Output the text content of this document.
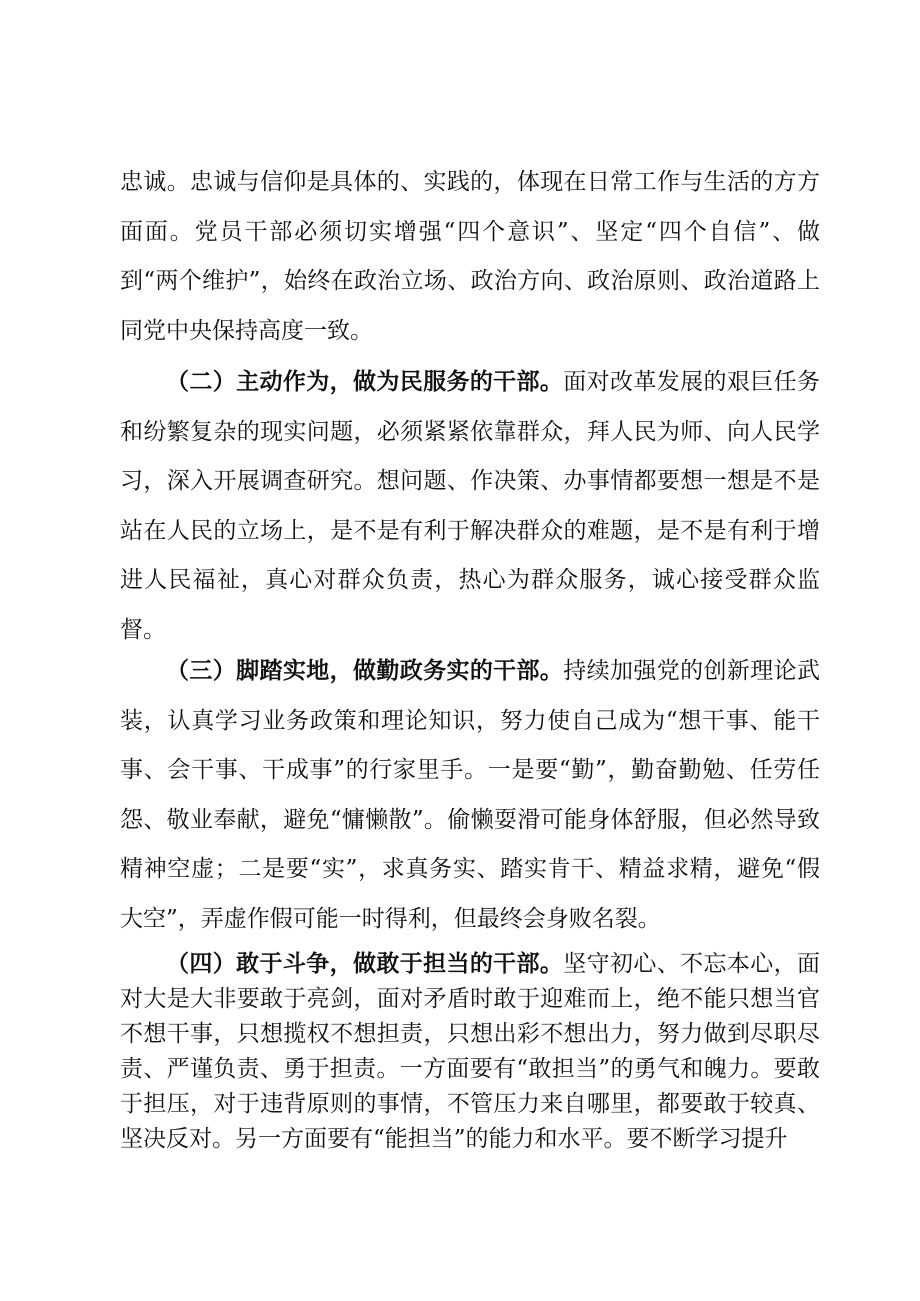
忠诚。忠诚与信仰是具体的、实践的，体现在日常工作与生活的方方面面。党员干部必须切实增强“四个意识”、坚定“四个自信”、做到“两个维护”，始终在政治立场、政治方向、政治原则、政治道路上同党中央保持高度一致。

（二）主动作为，做为民服务的干部。面对改革发展的艰巨任务和纷繁复杂的现实问题，必须紧紧依靠群众，拜人民为师、向人民学习，深入开展调查研究。想问题、作决策、办事情都要想一想是不是站在人民的立场上，是不是有利于解决群众的难题，是不是有利于增进人民福祉，真心对群众负责，热心为群众服务，诚心接受群众监督。

（三）脚踏实地，做勤政务实的干部。持续加强党的创新理论武装，认真学习业务政策和理论知识，努力使自己成为“想干事、能干事、会干事、干成事”的行家里手。一是要“勤”，勤奋勤勉、任劳任怨、敬业奉献，避免“慵懒散”。偷懒耍滑可能身体舒服，但必然导致精神空虚；二是要“实”，求真务实、踏实肯干、精益求精，避免“假大空”，弄虚作假可能一时得利，但最终会身败名裂。

（四）敢于斗争，做敢于担当的干部。坚守初心、不忘本心，面对大是大非要敢于亮剑，面对矛盾时敢于迎难而上，绝不能只想当官不想干事，只想揽权不想担责，只想出彩不想出力，努力做到尽职尽责、严谨负责、勇于担责。一方面要有“敢担当”的勇气和魄力。要敢于担压，对于违背原则的事情，不管压力来自哪里，都要敢于较真、坚决反对。另一方面要有“能担当”的能力和水平。要不断学习提升
